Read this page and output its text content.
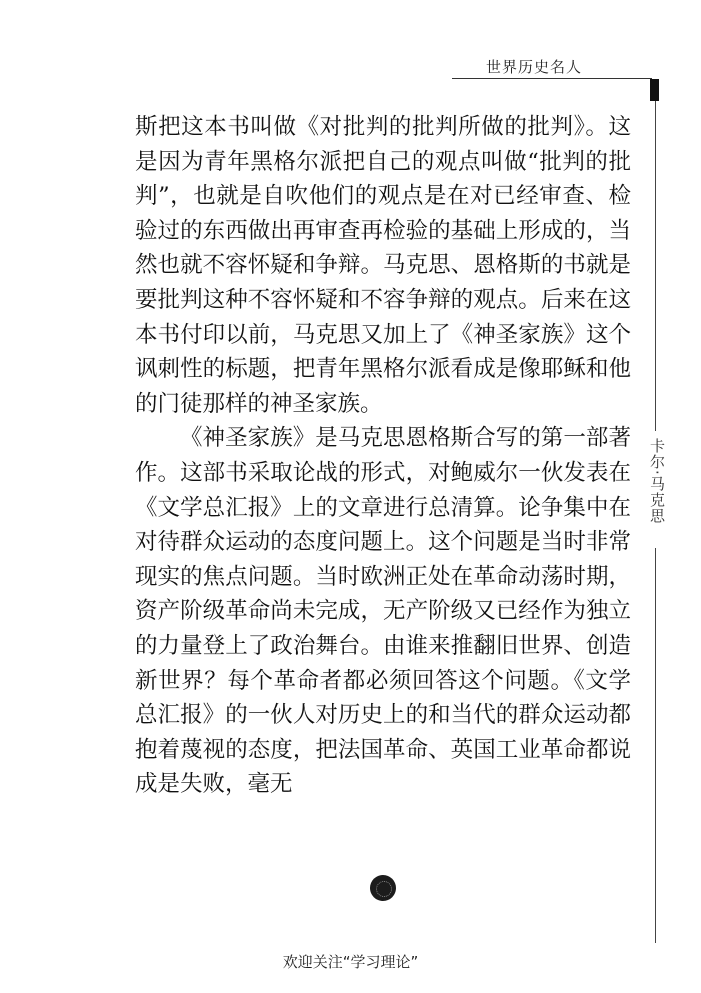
世界历史名人
卡尔·马克思

斯把这本书叫做《对批判的批判所做的批判》。这是因为青年黑格尔派把自己的观点叫做“批判的批判”，也就是自吹他们的观点是在对已经审查、检验过的东西做出再审查再检验的基础上形成的，当然也就不容怀疑和争辩。马克思、恩格斯的书就是要批判这种不容怀疑和不容争辩的观点。后来在这本书付印以前，马克思又加上了《神圣家族》这个讽刺性的标题，把青年黑格尔派看成是像耶稣和他的门徒那样的神圣家族。

《神圣家族》是马克思恩格斯合写的第一部著作。这部书采取论战的形式，对鲍威尔一伙发表在《文学总汇报》上的文章进行总清算。论争集中在对待群众运动的态度问题上。这个问题是当时非常现实的焦点问题。当时欧洲正处在革命动荡时期，资产阶级革命尚未完成，无产阶级又已经作为独立的力量登上了政治舞台。由谁来推翻旧世界、创造新世界？每个革命者都必须回答这个问题。《文学总汇报》的一伙人对历史上的和当代的群众运动都抱着蔑视的态度，把法国革命、英国工业革命都说成是失败，毫无

欢迎关注“学习理论”
